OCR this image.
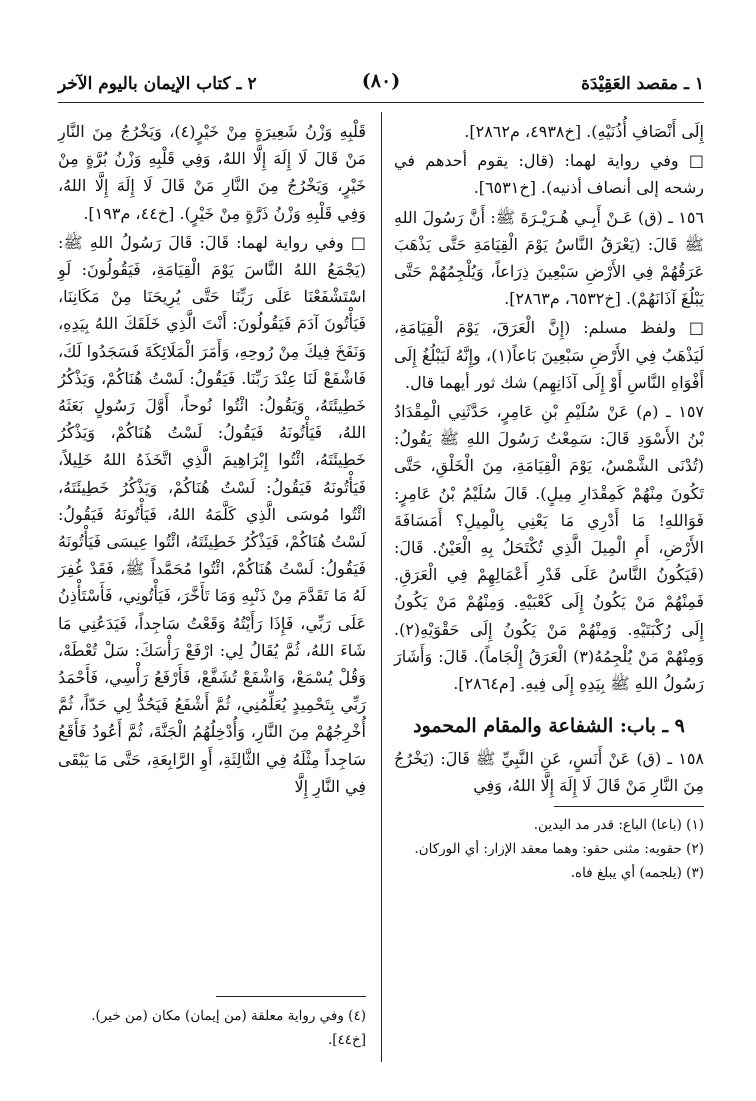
١ ـ مقصد العَقِيْدَة
(٨٠)
٢ ـ كتاب الإيمان باليوم الآخر

إِلَى أَنْصَافِ أُذُنَيْهِ). [خ٤٩٣٨، م٢٨٦٢].

□ وفي رواية لهما: (قال: يقوم أحدهم في رشحه إلى أنصاف أذنيه). [خ٦٥٣١].

١٥٦ ـ (ق) عَـنْ أَبِـي هُـرَيْـرَةَ ﷺ: أَنَّ رَسُولَ اللهِ ﷺ قَالَ: (يَعْرَقُ النَّاسُ يَوْمَ الْقِيَامَةِ حَتَّى يَذْهَبَ عَرَقُهُمْ فِي الأَرْضِ سَبْعِينَ ذِرَاعاً، وَيُلْجِمُهُمْ حَتَّى يَبْلُغَ آذَانَهُمْ). [خ٦٥٣٢، م٢٨٦٣].

□ ولفظ مسلم: (إِنَّ الْعَرَقَ، يَوْمَ الْقِيَامَةِ، لَيَذْهَبُ فِي الأَرْضِ سَبْعِينَ بَاعاً(١)، وإِنَّهُ لَيَبْلُغُ إِلَى أَفْوَاهِ النَّاسِ أَوْ إِلَى آذَانِهِم) شك ثور أيهما قال.

١٥٧ ـ (م) عَنْ سُلَيْمِ بْنِ عَامِرٍ، حَدَّثَنِي الْمِقْدَادُ بْنُ الأَسْوَدِ قَالَ: سَمِعْتُ رَسُولَ اللهِ ﷺ يَقُولُ: (تُدْنَى الشَّمْسُ، يَوْمَ الْقِيَامَةِ، مِنَ الْخَلْقِ، حَتَّى تَكُونَ مِنْهُمْ كَمِقْدَارِ مِيلٍ). قَالَ سُلَيْمُ بْنُ عَامِرٍ: فَوَاللهِ! مَا أَدْرِي مَا يَعْنِي بِالْمِيلِ؟ أَمَسَافَةَ الأَرْضِ، أَمِ الْمِيلَ الَّذِي تُكْتَحَلُ بِهِ الْعَيْنُ. قَالَ: (فَيَكُونُ النَّاسُ عَلَى قَدْرِ أَعْمَالِهِمْ فِي الْعَرَقِ. فَمِنْهُمْ مَنْ يَكُونُ إِلَى كَعْبَيْهِ. وَمِنْهُمْ مَنْ يَكُونُ إِلَى رُكْبَتَيْهِ. وَمِنْهُمْ مَنْ يَكُونُ إِلَى حَقْوَيْهِ(٢). وَمِنْهُمْ مَنْ يُلْجِمُهُ(٣) الْعَرَقُ إِلْجَاماً). قَالَ: وَأَشَارَ رَسُولُ اللهِ ﷺ بِيَدِهِ إِلَى فِيهِ. [م٢٨٦٤].

٩ ـ باب: الشفاعة والمقام المحمود

١٥٨ ـ (ق) عَنْ أَنَسٍ، عَنِ النَّبِيِّ ﷺ قَالَ: (يَخْرُجُ مِنَ النَّارِ مَنْ قَالَ لَا إِلَهَ إِلَّا اللهُ، وَفِي

(١) (باعا) الباع: قدر مد اليدين.
(٢) حقويه: مثنى حقو: وهما معقد الإزار: أي الوركان.
(٣) (يلجمه) أي يبلغ فاه.

قَلْبِهِ وَزْنُ شَعِيرَةٍ مِنْ خَيْرٍ(٤)، وَيَخْرُجُ مِنَ النَّارِ مَنْ قَالَ لَا إِلَهَ إِلَّا اللهُ، وَفِي قَلْبِهِ وَزْنُ بُرَّةٍ مِنْ خَيْرٍ، وَيَخْرُجُ مِنَ النَّارِ مَنْ قَالَ لَا إِلَهَ إِلَّا اللهُ، وَفِي قَلْبِهِ وَزْنُ ذَرَّةٍ مِنْ خَيْرٍ). [خ٤٤، م١٩٣].

□ وفي رواية لهما: قَالَ: قَالَ رَسُولُ اللهِ ﷺ: (يَجْمَعُ اللهُ النَّاسَ يَوْمَ الْقِيَامَةِ، فَيَقُولُونَ: لَوِ اسْتَشْفَعْنَا عَلَى رَبِّنَا حَتَّى يُرِيحَنَا مِنْ مَكَانِنَا، فَيَأْتُونَ آدَمَ فَيَقُولُونَ: أَنْتَ الَّذِي خَلَقَكَ اللهُ بِيَدِهِ، وَنَفَخَ فِيكَ مِنْ رُوحِهِ، وَأَمَرَ الْمَلَائِكَةَ فَسَجَدُوا لَكَ، فَاشْفَعْ لَنَا عِنْدَ رَبِّنَا. فَيَقُولُ: لَسْتُ هُنَاكُمْ، وَيَذْكُرُ خَطِيئَتَهُ، وَيَقُولُ: ائْتُوا نُوحاً، أَوَّلَ رَسُولٍ بَعَثَهُ اللهُ، فَيَأْتُونَهُ فَيَقُولُ: لَسْتُ هُنَاكُمْ، وَيَذْكُرُ خَطِيئَتَهُ، ائْتُوا إِبْرَاهِيمَ الَّذِي اتَّخَذَهُ اللهُ خَلِيلاً، فَيَأْتُونَهُ فَيَقُولُ: لَسْتُ هُنَاكُمْ، وَيَذْكُرُ خَطِيئَتَهُ، ائْتُوا مُوسَى الَّذِي كَلَّمَهُ اللهُ، فَيَأْتُونَهُ فَيَقُولُ: لَسْتُ هُنَاكُمْ، فَيَذْكُرُ خَطِيئَتَهُ، ائْتُوا عِيسَى فَيَأْتُونَهُ فَيَقُولُ: لَسْتُ هُنَاكُمْ، ائْتُوا مُحَمَّداً ﷺ، فَقَدْ غُفِرَ لَهُ مَا تَقَدَّمَ مِنْ ذَنْبِهِ وَمَا تَأَخَّرَ، فَيَأْتُونِي، فَأَسْتَأْذِنُ عَلَى رَبِّي، فَإِذَا رَأَيْتُهُ وَقَعْتُ سَاجِداً، فَيَدَعُنِي مَا شَاءَ اللهُ، ثُمَّ يُقَالُ لِي: ارْفَعْ رَأْسَكَ: سَلْ تُعْطَهْ، وَقُلْ يُسْمَعْ، وَاشْفَعْ تُشَفَّعْ، فَأَرْفَعُ رَأْسِي، فَأَحْمَدُ رَبِّي بِتَحْمِيدٍ يُعَلِّمُنِي، ثُمَّ أَشْفَعُ فَيَحُدُّ لِي حَدّاً، ثُمَّ أُخْرِجُهُمْ مِنَ النَّارِ، وَأُدْخِلُهُمُ الْجَنَّةَ، ثُمَّ أَعُودُ فَأَقَعُ سَاجِداً مِثْلَهُ فِي الثَّالِثَةِ، أَوِ الرَّابِعَةِ، حَتَّى مَا يَبْقَى فِي النَّارِ إِلَّا

(٤) وفي رواية معلقة (من إيمان) مكان (من خير). [خ٤٤].
